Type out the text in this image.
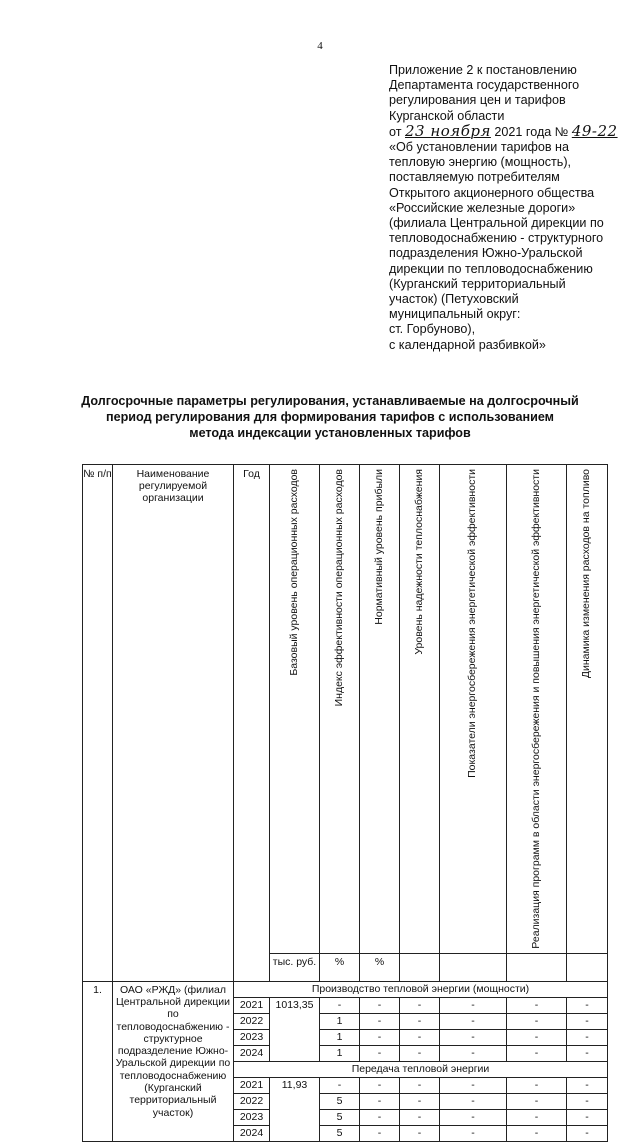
4
Приложение 2 к постановлению
Департамента государственного
регулирования цен и тарифов
Курганской области
от 23 ноября 2021 года № 49-22
«Об установлении тарифов на
тепловую энергию (мощность),
поставляемую потребителям
Открытого акционерного общества
«Российские железные дороги»
(филиала Центральной дирекции по
тепловодоснабжению - структурного
подразделения Южно-Уральской
дирекции по тепловодоснабжению
(Курганский территориальный
участок) (Петуховский
муниципальный округ:
ст. Горбуново),
с календарной разбивкой»
Долгосрочные параметры регулирования, устанавливаемые на долгосрочный
период регулирования для формирования тарифов с использованием
метода индексации установленных тарифов
№ п/п	Наименование регулируемой организации	Год	Базовый уровень операционных расходов	Индекс эффективности операционных расходов	Нормативный уровень прибыли	Уровень надежности теплоснабжения	Показатели энергосбережения энергетической эффективности	Реализация программ в области энергосбережения и повышения энергетической эффективности	Динамика изменения расходов на топливо

			тыс. руб.	%	%				
1.	ОАО «РЖД» (филиал Центральной дирекции по тепловодоснабжению - структурное подразделение Южно-Уральской дирекции по тепловодоснабжению (Курганский территориальный участок)	Производство тепловой энергии (мощности)							
		2021	1013,35	-	-	-	-	-	-
		2022		1	-	-	-	-	-
		2023		1	-	-	-	-	-
		2024		1	-	-	-	-	-
		Передача тепловой энергии							
		2021	11,93	-	-	-	-	-	-
		2022		5	-	-	-	-	-
		2023		5	-	-	-	-	-
		2024		5	-	-	-	-	-
